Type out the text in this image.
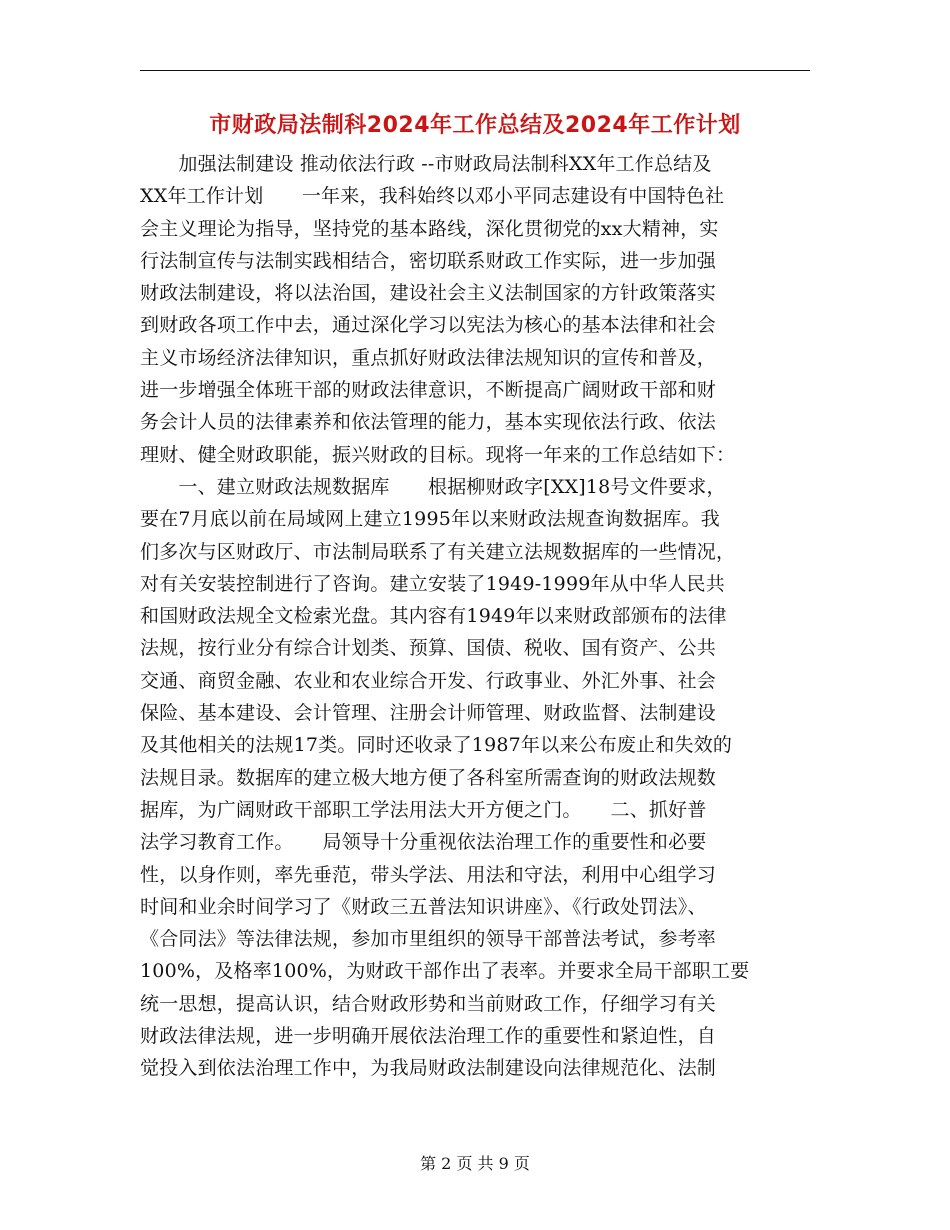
市财政局法制科2024年工作总结及2024年工作计划
　　加强法制建设 推动依法行政 --市财政局法制科XX年工作总结及
XX年工作计划　　一年来，我科始终以邓小平同志建设有中国特色社
会主义理论为指导，坚持党的基本路线，深化贯彻党的xx大精神，实
行法制宣传与法制实践相结合，密切联系财政工作实际，进一步加强
财政法制建设，将以法治国，建设社会主义法制国家的方针政策落实
到财政各项工作中去，通过深化学习以宪法为核心的基本法律和社会
主义市场经济法律知识，重点抓好财政法律法规知识的宣传和普及，
进一步增强全体班干部的财政法律意识，不断提高广阔财政干部和财
务会计人员的法律素养和依法管理的能力，基本实现依法行政、依法
理财、健全财政职能，振兴财政的目标。现将一年来的工作总结如下：
　　一、建立财政法规数据库　　根据柳财政字[XX]18号文件要求，
要在7月底以前在局域网上建立1995年以来财政法规查询数据库。我
们多次与区财政厅、市法制局联系了有关建立法规数据库的一些情况，
对有关安装控制进行了咨询。建立安装了1949-1999年从中华人民共
和国财政法规全文检索光盘。其内容有1949年以来财政部颁布的法律
法规，按行业分有综合计划类、预算、国债、税收、国有资产、公共
交通、商贸金融、农业和农业综合开发、行政事业、外汇外事、社会
保险、基本建设、会计管理、注册会计师管理、财政监督、法制建设
及其他相关的法规17类。同时还收录了1987年以来公布废止和失效的
法规目录。数据库的建立极大地方便了各科室所需查询的财政法规数
据库，为广阔财政干部职工学法用法大开方便之门。　　二、抓好普
法学习教育工作。　　局领导十分重视依法治理工作的重要性和必要
性，以身作则，率先垂范，带头学法、用法和守法，利用中心组学习
时间和业余时间学习了《财政三五普法知识讲座》、《行政处罚法》、
《合同法》等法律法规，参加市里组织的领导干部普法考试，参考率
100%，及格率100%，为财政干部作出了表率。并要求全局干部职工要
统一思想，提高认识，结合财政形势和当前财政工作，仔细学习有关
财政法律法规，进一步明确开展依法治理工作的重要性和紧迫性，自
觉投入到依法治理工作中，为我局财政法制建设向法律规范化、法制
第 2 页 共 9 页
